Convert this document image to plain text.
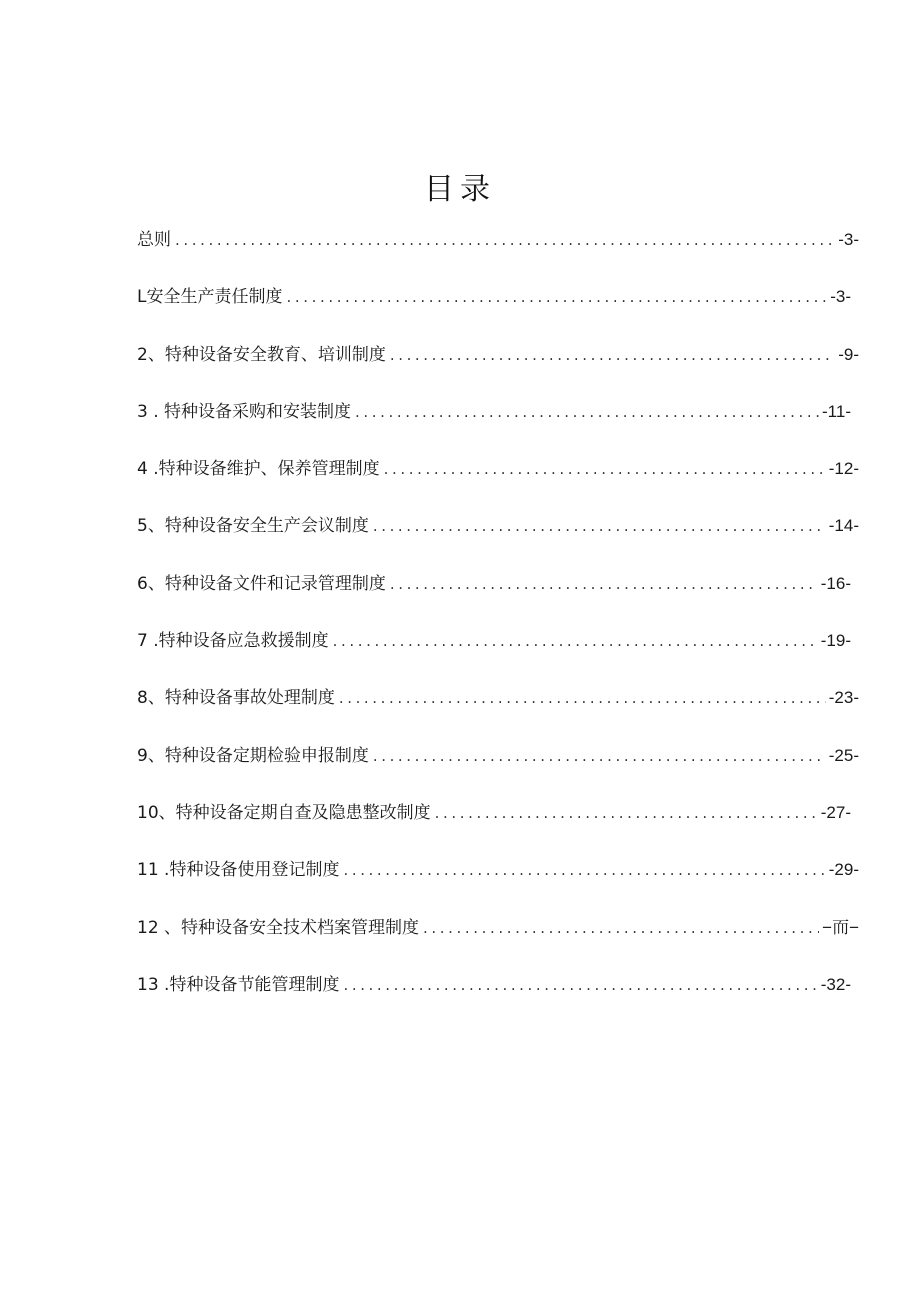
目录
总则 .....	-3-
L安全生产责任制度 .....	-3-
2、特种设备安全教育、培训制度 .....	-9-
3 . 特种设备采购和安装制度 .....	-11-
4 .特种设备维护、保养管理制度 .....	-12-
5、特种设备安全生产会议制度 .....	-14-
6、特种设备文件和记录管理制度 .....	-16-
7 .特种设备应急救援制度 .....	-19-
8、特种设备事故处理制度 .....	-23-
9、特种设备定期检验申报制度 .....	-25-
10、特种设备定期自查及隐患整改制度 .....	-27-
11 .特种设备使用登记制度 .....	-29-
12 、特种设备安全技术档案管理制度 .....	−而−
13 .特种设备节能管理制度 .....	-32-
